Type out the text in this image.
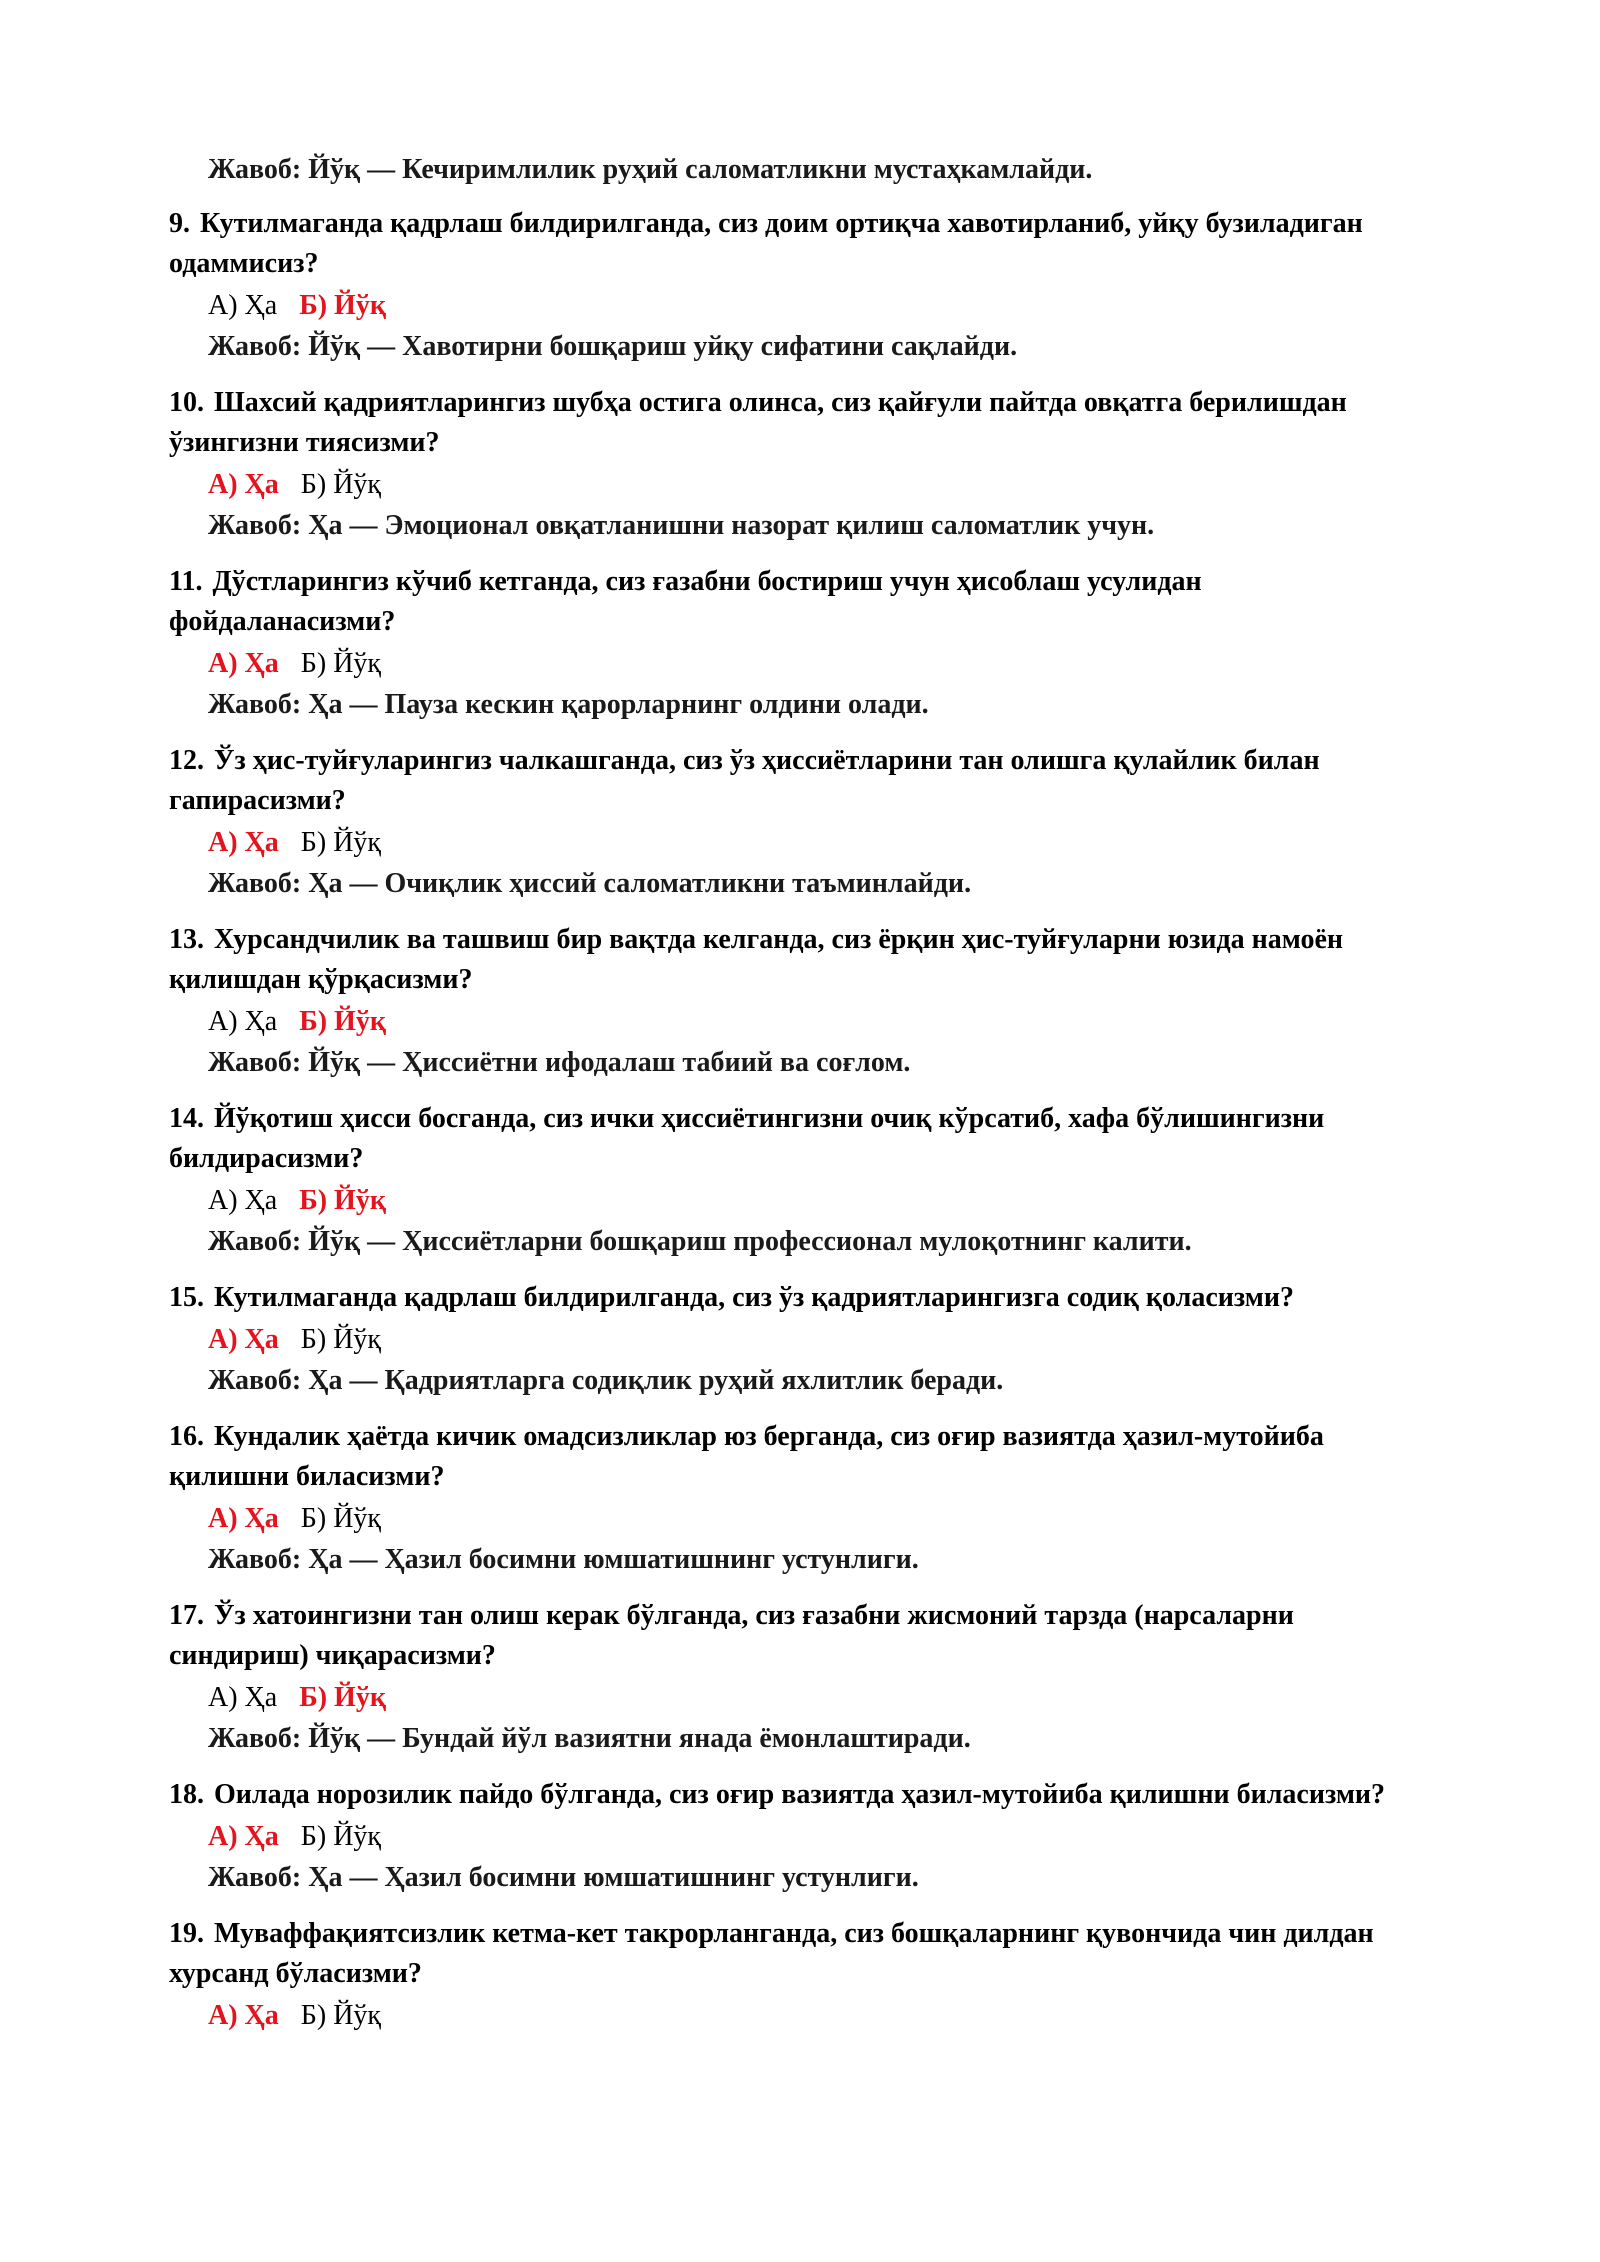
Жавоб: Йўқ — Кечиримлилик руҳий саломатликни мустаҳкамлайди.
9. Кутилмаганда қадрлаш билдирилганда, сиз доим ортиқча хавотирланиб, уйқу бузиладиган одаммисиз?
А) Ҳа Б) Йўқ
Жавоб: Йўқ — Хавотирни бошқариш уйқу сифатини сақлайди.
10. Шахсий қадриятларингиз шубҳа остига олинса, сиз қайғули пайтда овқатга берилишдан ўзингизни тиясизми?
А) Ҳа Б) Йўқ
Жавоб: Ҳа — Эмоционал овқатланишни назорат қилиш саломатлик учун.
11. Дўстларингиз кўчиб кетганда, сиз ғазабни бостириш учун ҳисоблаш усулидан фойдаланасизми?
А) Ҳа Б) Йўқ
Жавоб: Ҳа — Пауза кескин қарорларнинг олдини олади.
12. Ўз ҳис-туйғуларингиз чалкашганда, сиз ўз ҳиссиётларини тан олишга қулайлик билан гапирасизми?
А) Ҳа Б) Йўқ
Жавоб: Ҳа — Очиқлик ҳиссий саломатликни таъминлайди.
13. Хурсандчилик ва ташвиш бир вақтда келганда, сиз ёрқин ҳис-туйғуларни юзида намоён қилишдан қўрқасизми?
А) Ҳа Б) Йўқ
Жавоб: Йўқ — Ҳиссиётни ифодалаш табиий ва соғлом.
14. Йўқотиш ҳисси босганда, сиз ички ҳиссиётингизни очиқ кўрсатиб, хафа бўлишингизни билдирасизми?
А) Ҳа Б) Йўқ
Жавоб: Йўқ — Ҳиссиётларни бошқариш профессионал мулоқотнинг калити.
15. Кутилмаганда қадрлаш билдирилганда, сиз ўз қадриятларингизга содиқ қоласизми?
А) Ҳа Б) Йўқ
Жавоб: Ҳа — Қадриятларга содиқлик руҳий яхлитлик беради.
16. Кундалик ҳаётда кичик омадсизликлар юз берганда, сиз оғир вазиятда ҳазил-мутойиба қилишни биласизми?
А) Ҳа Б) Йўқ
Жавоб: Ҳа — Ҳазил босимни юмшатишнинг устунлиги.
17. Ўз хатоингизни тан олиш керак бўлганда, сиз ғазабни жисмоний тарзда (нарсаларни синдириш) чиқарасизми?
А) Ҳа Б) Йўқ
Жавоб: Йўқ — Бундай йўл вазиятни янада ёмонлаштиради.
18. Оилада норозилик пайдо бўлганда, сиз оғир вазиятда ҳазил-мутойиба қилишни биласизми?
А) Ҳа Б) Йўқ
Жавоб: Ҳа — Ҳазил босимни юмшатишнинг устунлиги.
19. Муваффақиятсизлик кетма-кет такрорланганда, сиз бошқаларнинг қувончида чин дилдан хурсанд бўласизми?
А) Ҳа Б) Йўқ
